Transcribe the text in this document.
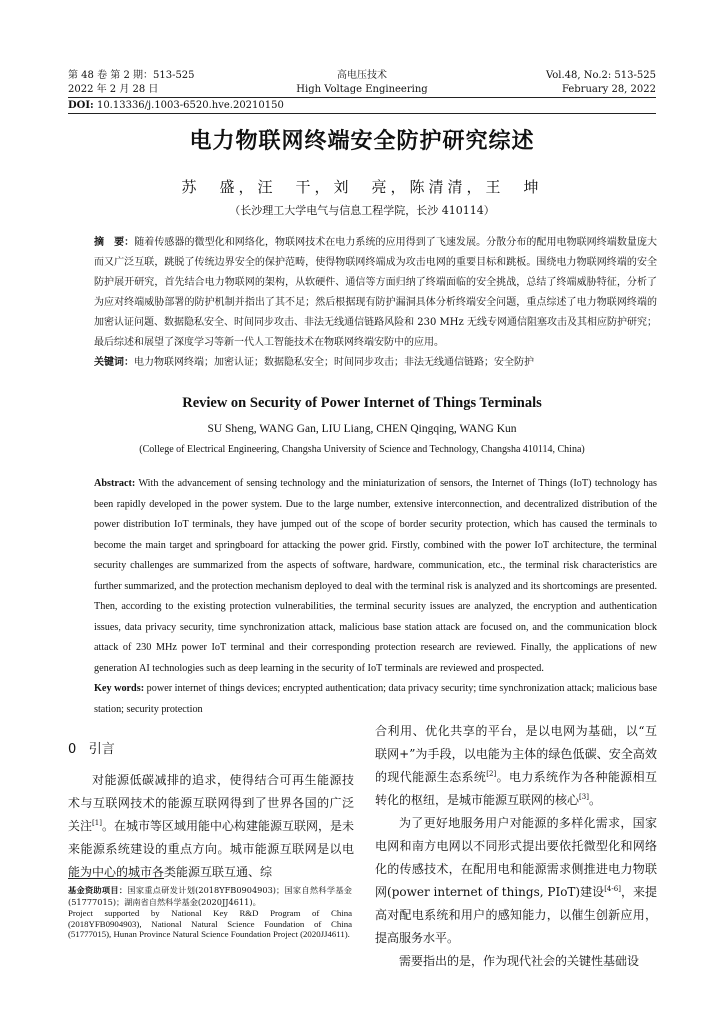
第 48 卷 第 2 期：513-525
2022 年 2 月 28 日
高电压技术
High Voltage Engineering
Vol.48, No.2: 513-525
February 28, 2022
DOI: 10.13336/j.1003-6520.hve.20210150
电力物联网终端安全防护研究综述
苏　盛，汪　干，刘　亮，陈清清，王　坤
（长沙理工大学电气与信息工程学院，长沙 410114）

摘　要：随着传感器的微型化和网络化，物联网技术在电力系统的应用得到了飞速发展。分散分布的配用电物联网终端数量庞大而又广泛互联，跳脱了传统边界安全的保护范畴，使得物联网终端成为攻击电网的重要目标和跳板。围绕电力物联网终端的安全防护展开研究，首先结合电力物联网的架构，从软硬件、通信等方面归纳了终端面临的安全挑战，总结了终端威胁特征，分析了为应对终端威胁部署的防护机制并指出了其不足；然后根据现有防护漏洞具体分析终端安全问题，重点综述了电力物联网终端的加密认证问题、数据隐私安全、时间同步攻击、非法无线通信链路风险和 230 MHz 无线专网通信阻塞攻击及其相应防护研究；最后综述和展望了深度学习等新一代人工智能技术在物联网终端安防中的应用。

关键词：电力物联网终端；加密认证；数据隐私安全；时间同步攻击；非法无线通信链路；安全防护

Review on Security of Power Internet of Things Terminals
SU Sheng, WANG Gan, LIU Liang, CHEN Qingqing, WANG Kun
(College of Electrical Engineering, Changsha University of Science and Technology, Changsha 410114, China)

Abstract: With the advancement of sensing technology and the miniaturization of sensors, the Internet of Things (IoT) technology has been rapidly developed in the power system. Due to the large number, extensive interconnection, and decentralized distribution of the power distribution IoT terminals, they have jumped out of the scope of border security protection, which has caused the terminals to become the main target and springboard for attacking the power grid. Firstly, combined with the power IoT architecture, the terminal security challenges are summarized from the aspects of software, hardware, communication, etc., the terminal risk characteristics are further summarized, and the protection mechanism deployed to deal with the terminal risk is analyzed and its shortcomings are presented. Then, according to the existing protection vulnerabilities, the terminal security issues are analyzed, the encryption and authentication issues, data privacy security, time synchronization attack, malicious base station attack are focused on, and the communication block attack of 230 MHz power IoT terminal and their corresponding protection research are reviewed. Finally, the applications of new generation AI technologies such as deep learning in the security of IoT terminals are reviewed and prospected.

Key words: power internet of things devices; encrypted authentication; data privacy security; time synchronization attack; malicious base station; security protection

0 引言

对能源低碳减排的追求，使得结合可再生能源技术与互联网技术的能源互联网得到了世界各国的广泛关注[1]。在城市等区域用能中心构建能源互联网，是未来能源系统建设的重点方向。城市能源互联网是以电能为中心的城市各类能源互联互通、综

合利用、优化共享的平台，是以电网为基础，以“互联网+”为手段，以电能为主体的绿色低碳、安全高效的现代能源生态系统[2]。电力系统作为各种能源相互转化的枢纽，是城市能源互联网的核心[3]。

为了更好地服务用户对能源的多样化需求，国家电网和南方电网以不同形式提出要依托微型化和网络化的传感技术，在配用电和能源需求侧推进电力物联网(power internet of things, PIoT)建设[4-6]，来提高对配电系统和用户的感知能力，以催生创新应用，提高服务水平。

需要指出的是，作为现代社会的关键性基础设

基金资助项目：国家重点研发计划(2018YFB0904903)；国家自然科学基金(51777015)；湖南省自然科学基金(2020JJ4611)。

Project supported by National Key R&D Program of China (2018YFB0904903), National Natural Science Foundation of China (51777015), Hunan Province Natural Science Foundation Project (2020JJ4611).
